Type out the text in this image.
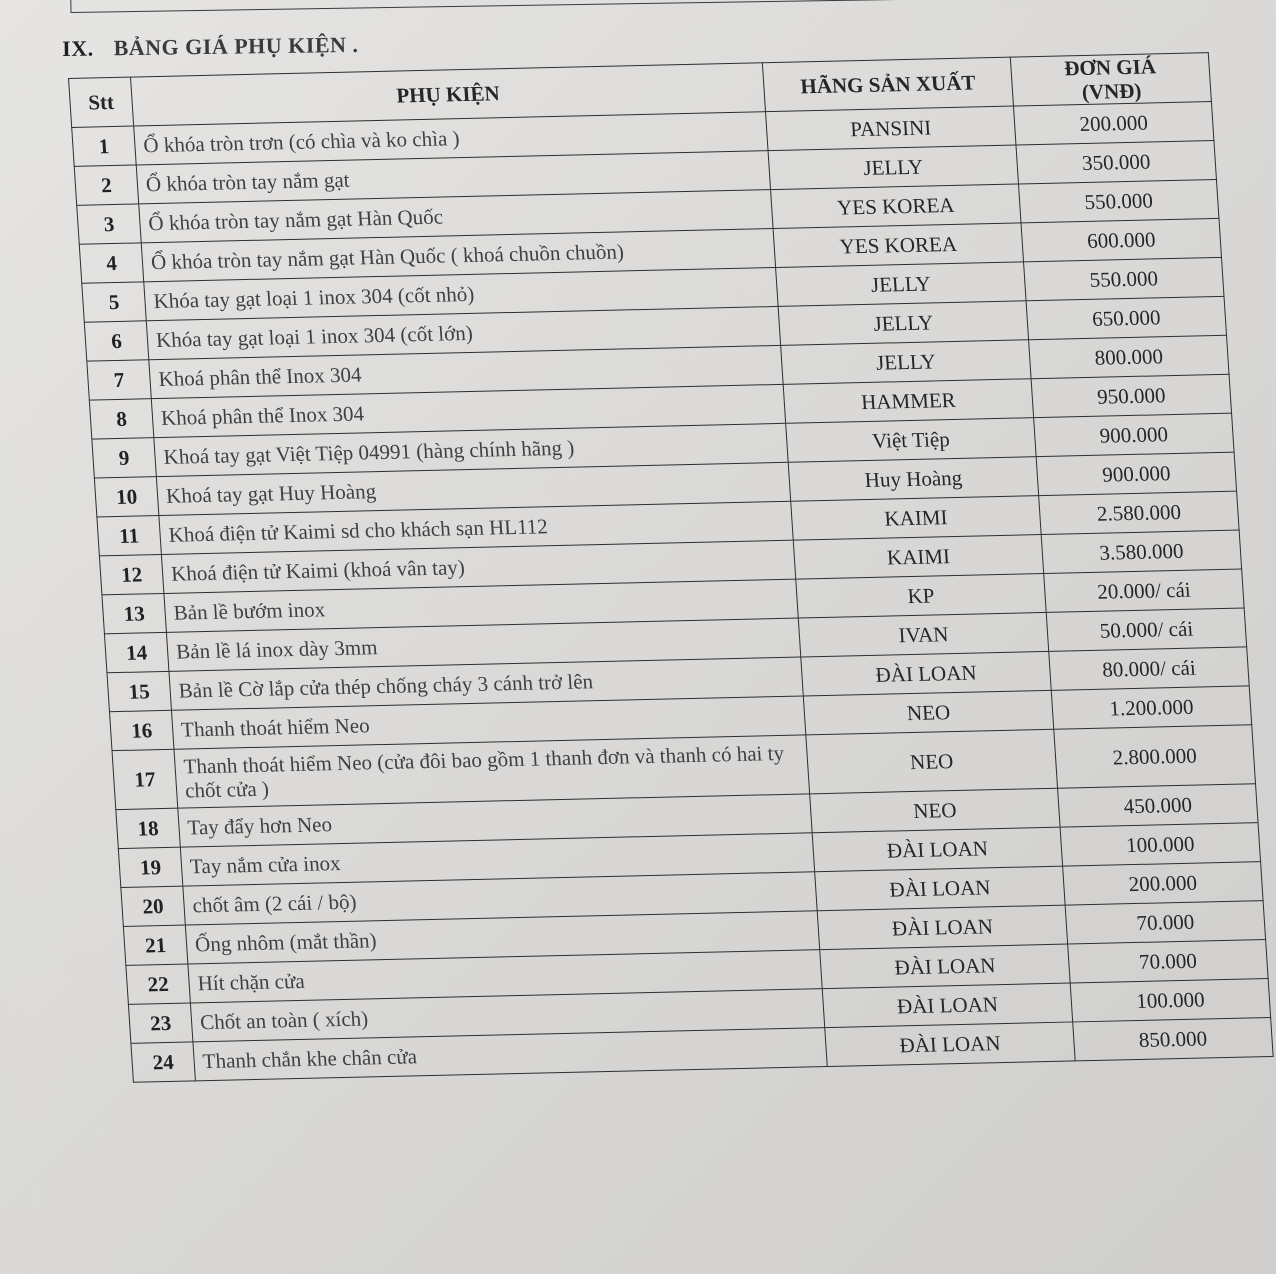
IX. BẢNG GIÁ PHỤ KIỆN .
Stt	PHỤ KIỆN	HÃNG SẢN XUẤT	ĐƠN GIÁ
(VNĐ)

1	Ổ khóa tròn trơn (có chìa và ko chìa )	PANSINI	200.000
2	Ổ khóa tròn tay nắm gạt	JELLY	350.000
3	Ổ khóa tròn tay nắm gạt Hàn Quốc	YES KOREA	550.000
4	Ổ khóa tròn tay nắm gạt Hàn Quốc ( khoá chuồn chuồn)	YES KOREA	600.000
5	Khóa tay gạt loại 1 inox 304 (cốt nhỏ)	JELLY	550.000
6	Khóa tay gạt loại 1 inox 304 (cốt lớn)	JELLY	650.000
7	Khoá phân thể Inox 304	JELLY	800.000
8	Khoá phân thể Inox 304	HAMMER	950.000
9	Khoá tay gạt Việt Tiệp 04991 (hàng chính hãng )	Việt Tiệp	900.000
10	Khoá tay gạt Huy Hoàng	Huy Hoàng	900.000
11	Khoá điện tử Kaimi sd cho khách sạn HL112	KAIMI	2.580.000
12	Khoá điện tử Kaimi (khoá vân tay)	KAIMI	3.580.000
13	Bản lề bướm inox	KP	20.000/ cái
14	Bản lề lá inox dày 3mm	IVAN	50.000/ cái
15	Bản lề Cờ lắp cửa thép chống cháy 3 cánh trở lên	ĐÀI LOAN	80.000/ cái
16	Thanh thoát hiểm Neo	NEO	1.200.000
17	Thanh thoát hiểm Neo (cửa đôi bao gồm 1 thanh đơn và thanh có hai ty chốt cửa )	NEO	2.800.000
18	Tay đẩy hơn Neo	NEO	450.000
19	Tay nắm cửa inox	ĐÀI LOAN	100.000
20	chốt âm (2 cái / bộ)	ĐÀI LOAN	200.000
21	Ống nhôm (mắt thần)	ĐÀI LOAN	70.000
22	Hít chặn cửa	ĐÀI LOAN	70.000
23	Chốt an toàn ( xích)	ĐÀI LOAN	100.000
24	Thanh chắn khe chân cửa	ĐÀI LOAN	850.000
